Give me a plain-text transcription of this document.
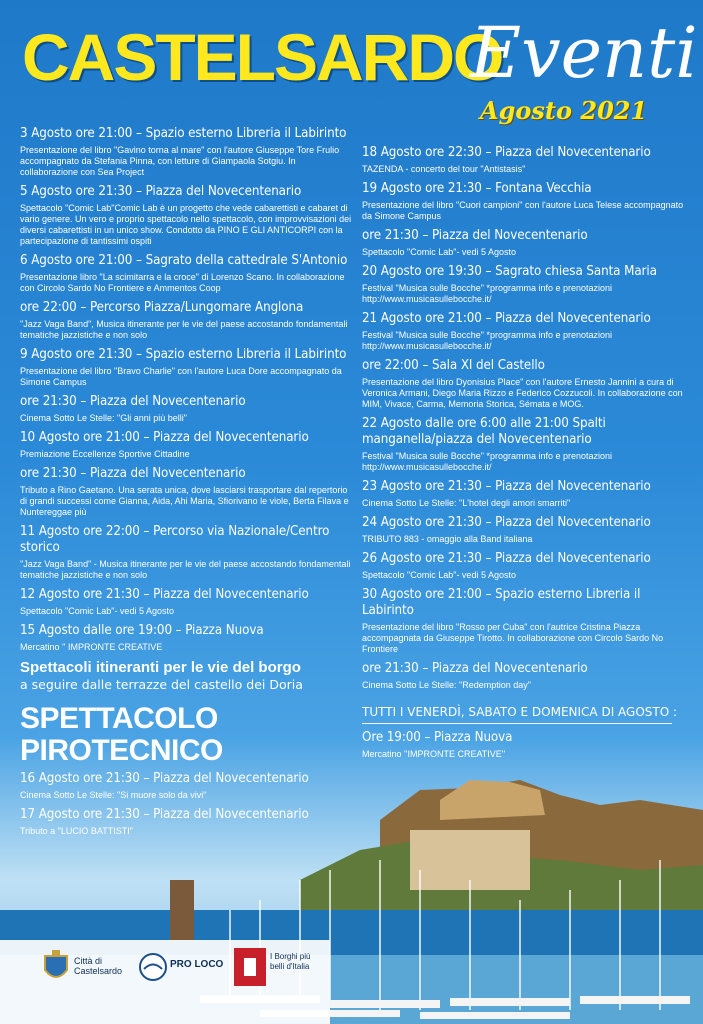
CASTELSARDO
Eventi
Agosto 2021
3 Agosto ore 21:00 – Spazio esterno Libreria il Labirinto
Presentazione del libro "Gavino torna al mare" con l'autore Giuseppe Tore Frulio accompagnato da Stefania Pinna, con letture di Giampaola Sotgiu. In collaborazione con Sea Project
5 Agosto ore 21:30 – Piazza del Novecentenario
Spettacolo "Comic Lab"Comic Lab è un progetto che vede cabarettisti e cabaret di vario genere. Un vero e proprio spettacolo nello spettacolo, con improvvisazioni dei diversi cabarettisti in un unico show. Condotto da PINO E GLI ANTICORPI con la partecipazione di tantissimi ospiti
6 Agosto ore 21:00 – Sagrato della cattedrale S'Antonio
Presentazione libro "La scimitarra e la croce" di Lorenzo Scano. In collaborazione con Circolo Sardo No Frontiere e Ammentos Coop
ore 22:00 – Percorso Piazza/Lungomare Anglona
"Jazz Vaga Band", Musica itinerante per le vie del paese accostando fondamentali tematiche jazzistiche e non solo
9 Agosto ore 21:30 – Spazio esterno Libreria il Labirinto
Presentazione del libro "Bravo Charlie" con l'autore Luca Dore accompagnato da Simone Campus
ore 21:30 – Piazza del Novecentenario
Cinema Sotto Le Stelle: "Gli anni più belli"
10 Agosto ore 21:00 – Piazza del Novecentenario
Premiazione Eccellenze Sportive Cittadine
ore 21:30 – Piazza del Novecentenario
Tributo a Rino Gaetano. Una serata unica, dove lasciarsi trasportare dal repertorio di grandi successi come Gianna, Aida, Ahi Maria, Sfiorivano le viole, Berta Filava e Nuntereggae più
11 Agosto ore 22:00 – Percorso via Nazionale/Centro storico
"Jazz Vaga Band" - Musica itinerante per le vie del paese accostando fondamentali tematiche jazzistiche e non solo
12 Agosto ore 21:30 – Piazza del Novecentenario
Spettacolo "Comic Lab"- vedi 5 Agosto
15 Agosto dalle ore 19:00 – Piazza Nuova
Mercatino '' IMPRONTE CREATIVE
Spettacoli itineranti per le vie del borgo
a seguire dalle terrazze del castello dei Doria
SPETTACOLO
PIROTECNICO
16 Agosto ore 21:30 – Piazza del Novecentenario
Cinema Sotto Le Stelle: "Si muore solo da vivi"
17 Agosto ore 21:30 – Piazza del Novecentenario
Tributo a "LUCIO BATTISTI"
18 Agosto ore 22:30 – Piazza del Novecentenario
TAZENDA - concerto del tour "Antistasis"
19 Agosto ore 21:30 – Fontana Vecchia
Presentazione del libro "Cuori campioni" con l'autore Luca Telese accompagnato da Simone Campus
ore 21:30 – Piazza del Novecentenario
Spettacolo "Comic Lab"- vedi 5 Agosto
20 Agosto ore 19:30 – Sagrato chiesa Santa Maria
Festival "Musica sulle Bocche" *programma info e prenotazioni http://www.musicasullebocche.it/
21 Agosto ore 21:00 – Piazza del Novecentenario
Festival "Musica sulle Bocche" *programma info e prenotazioni http://www.musicasullebocche.it/
ore 22:00 – Sala XI del Castello
Presentazione del libro Dyonisius Place" con l'autore Ernesto Jannini a cura di Veronica Armani, Diego Maria Rizzo e Federico Cozzucoli. In collaborazione con MIM, Vivace, Carma, Memoria Storica, Sémata e MOG.
22 Agosto dalle ore 6:00 alle 21:00 Spalti manganella/piazza del Novecentenario
Festival "Musica sulle Bocche" *programma info e prenotazioni http://www.musicasullebocche.it/
23 Agosto ore 21:30 – Piazza del Novecentenario
Cinema Sotto Le Stelle: "L'hotel degli amori smarriti"
24 Agosto ore 21:30 – Piazza del Novecentenario
TRIBUTO 883 - omaggio alla Band italiana
26 Agosto ore 21:30 – Piazza del Novecentenario
Spettacolo "Comic Lab"- vedi 5 Agosto
30 Agosto ore 21:00 – Spazio esterno Libreria il Labirinto
Presentazione del libro "Rosso per Cuba" con l'autrice Cristina Piazza accompagnata da Giuseppe Tirotto. In collaborazione con Circolo Sardo No Frontiere
ore 21:30 – Piazza del Novecentenario
Cinema Sotto Le Stelle: "Redemption day"
TUTTI I VENERDÌ, SABATO E DOMENICA DI AGOSTO :
Ore 19:00 – Piazza Nuova
Mercatino ''IMPRONTE CREATIVE''
Città di Castelsardo
PRO LOCO
I Borghi più belli d'Italia
